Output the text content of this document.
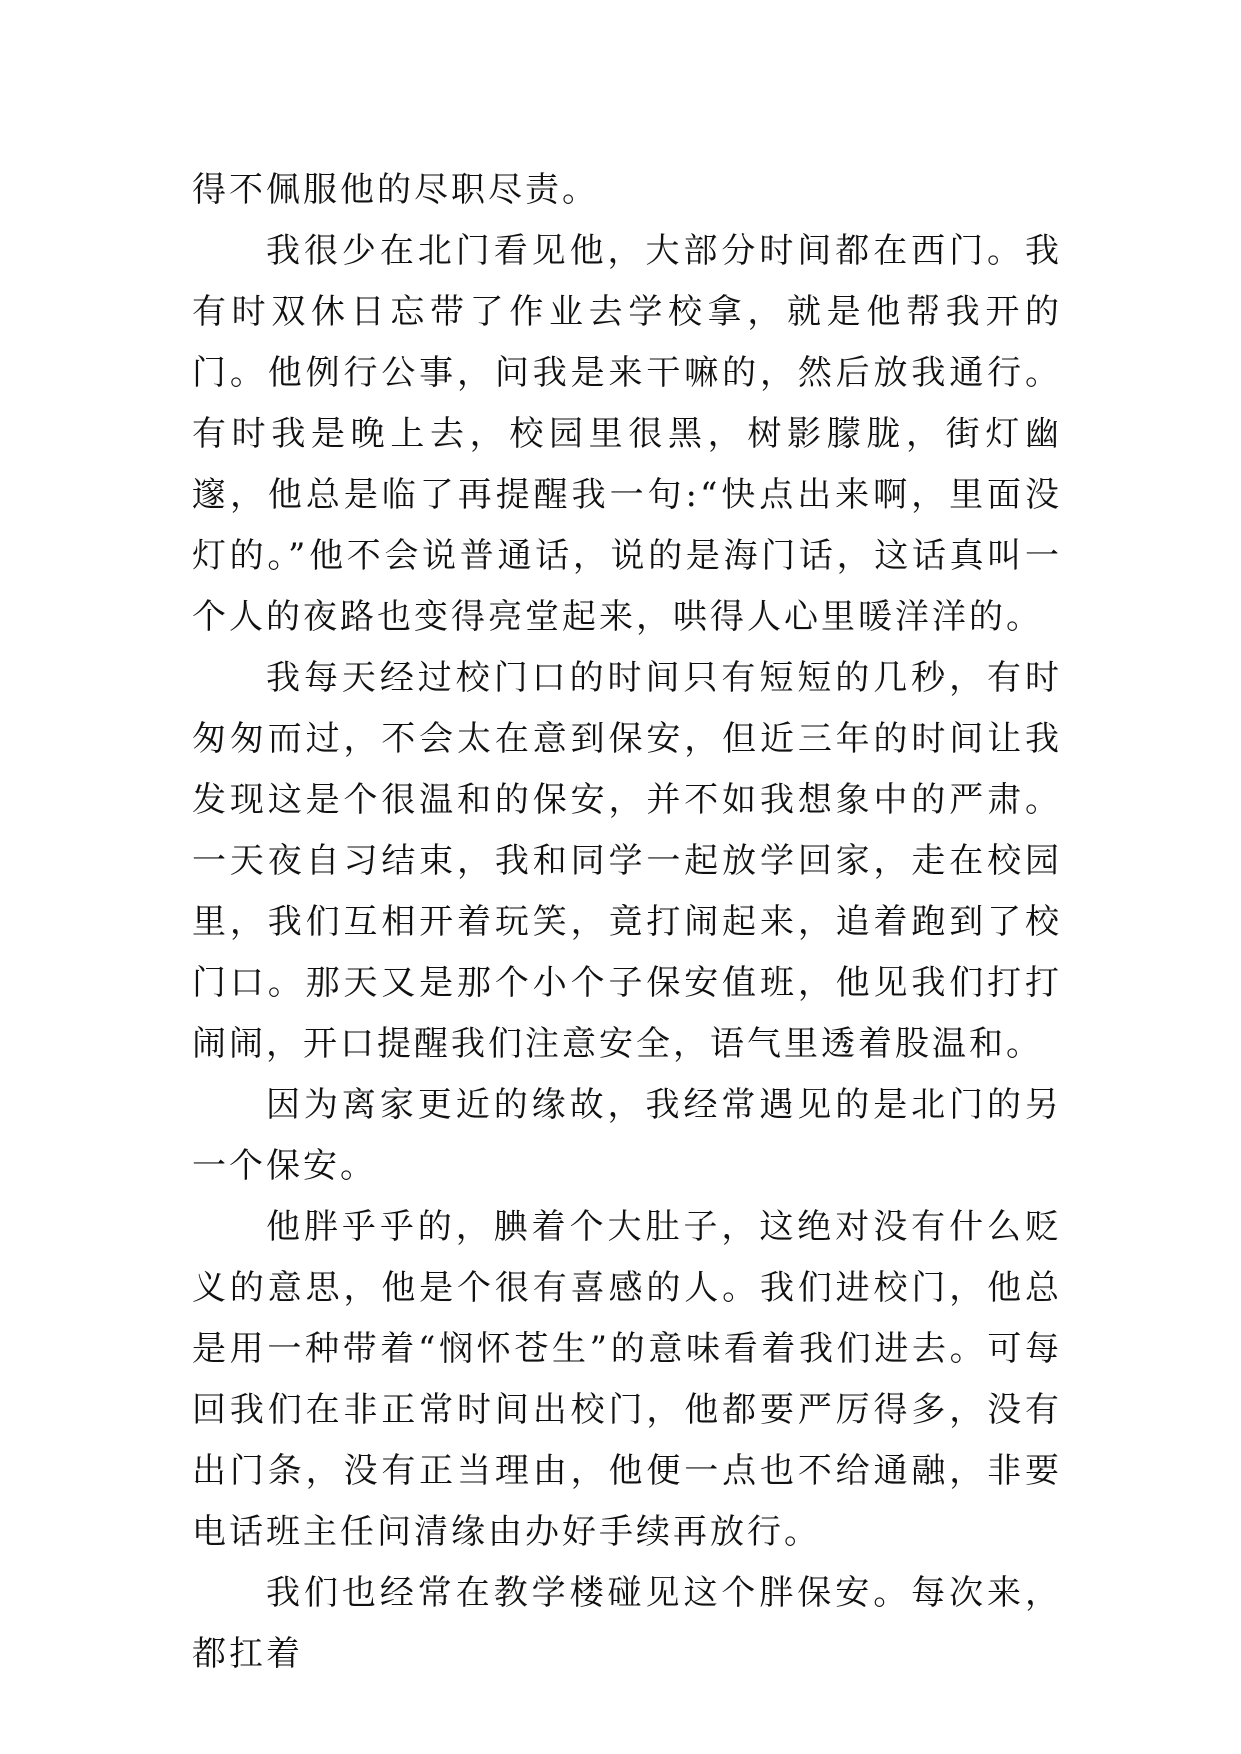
得不佩服他的尽职尽责。

我很少在北门看见他，大部分时间都在西门。我有时双休日忘带了作业去学校拿，就是他帮我开的门。他例行公事，问我是来干嘛的，然后放我通行。有时我是晚上去，校园里很黑，树影朦胧，街灯幽邃，他总是临了再提醒我一句:“快点出来啊，里面没灯的。”他不会说普通话，说的是海门话，这话真叫一个人的夜路也变得亮堂起来，哄得人心里暖洋洋的。

我每天经过校门口的时间只有短短的几秒，有时匆匆而过，不会太在意到保安，但近三年的时间让我发现这是个很温和的保安，并不如我想象中的严肃。一天夜自习结束，我和同学一起放学回家，走在校园里，我们互相开着玩笑，竟打闹起来，追着跑到了校门口。那天又是那个小个子保安值班，他见我们打打闹闹，开口提醒我们注意安全，语气里透着股温和。

因为离家更近的缘故，我经常遇见的是北门的另一个保安。

他胖乎乎的，腆着个大肚子，这绝对没有什么贬义的意思，他是个很有喜感的人。我们进校门，他总是用一种带着“悯怀苍生”的意味看着我们进去。可每回我们在非正常时间出校门，他都要严厉得多，没有出门条，没有正当理由，他便一点也不给通融，非要电话班主任问清缘由办好手续再放行。

我们也经常在教学楼碰见这个胖保安。每次来，都扛着
